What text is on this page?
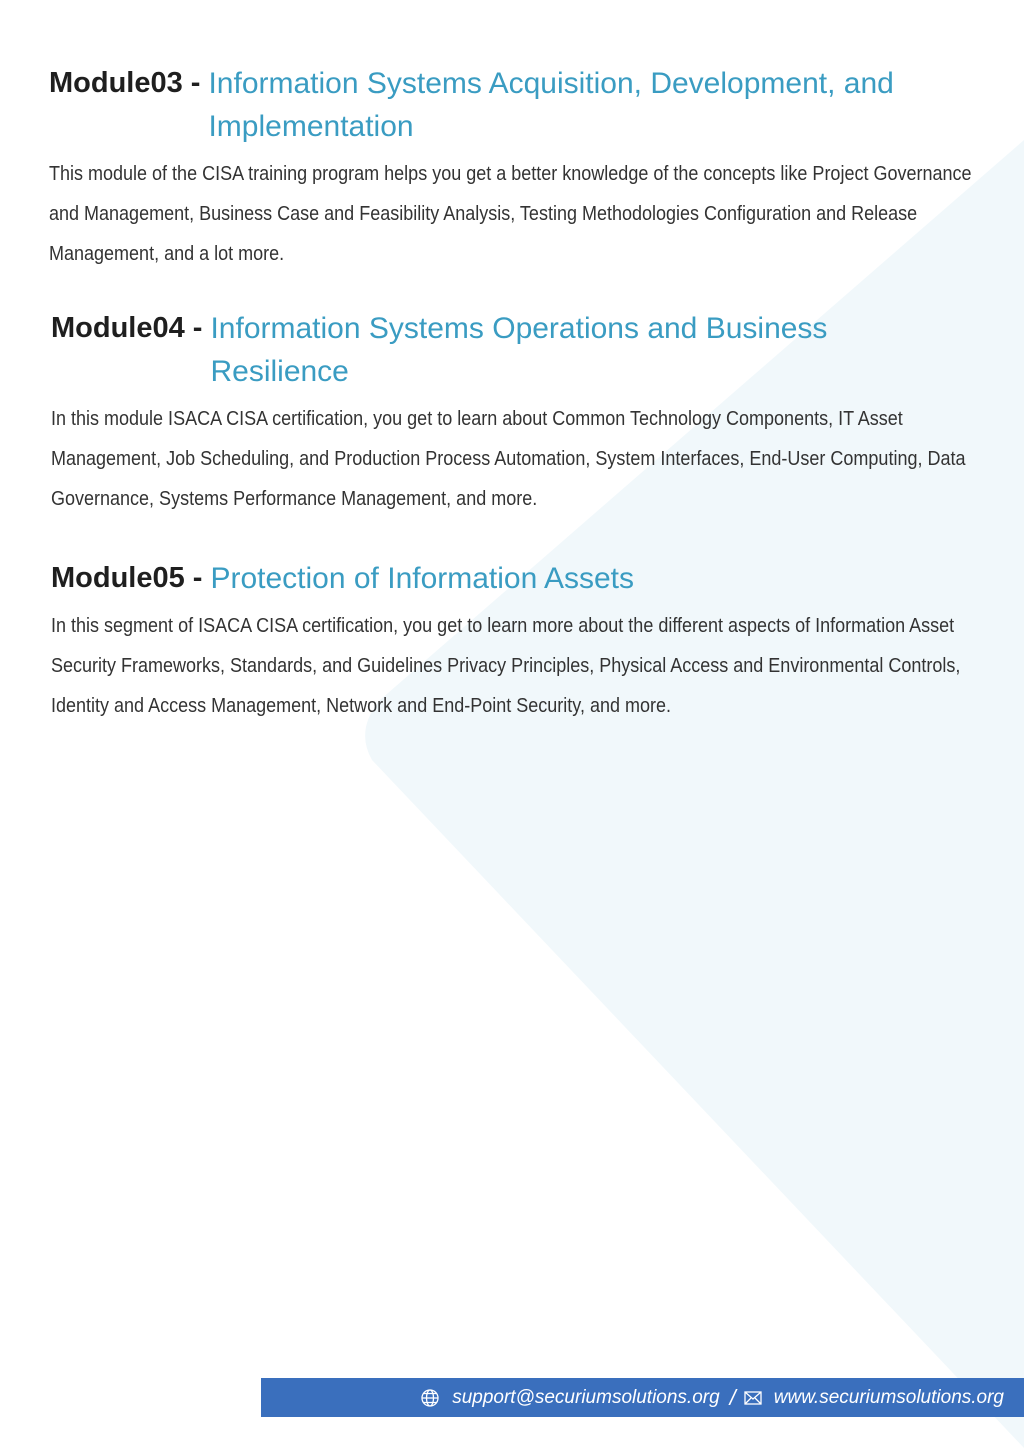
Module03 - Information Systems Acquisition, Development, and Implementation
This module of the CISA training program helps you get a better knowledge of the concepts like Project Governance and Management, Business Case and Feasibility Analysis, Testing Methodologies Configuration and Release Management, and a lot more.
Module04 - Information Systems Operations and Business Resilience
In this module ISACA CISA certification, you get to learn about Common Technology Components, IT Asset Management, Job Scheduling, and Production Process Automation, System Interfaces, End-User Computing, Data Governance, Systems Performance Management, and more.
Module05 - Protection of Information Assets
In this segment of ISACA CISA certification, you get to learn more about the different aspects of Information Asset Security Frameworks, Standards, and Guidelines Privacy Principles, Physical Access and Environmental Controls, Identity and Access Management, Network and End-Point Security, and more.
support@securiumsolutions.org / www.securiumsolutions.org
